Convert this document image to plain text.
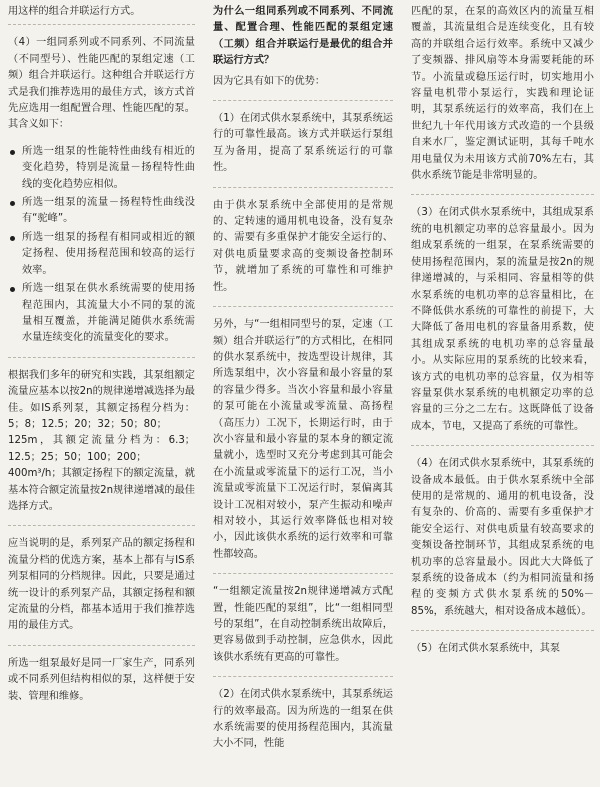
用这样的组合并联运行方式。

（4）一组同系列或不同系列、不同流量（不同型号）、性能匹配的泵组定速（工频）组合并联运行。这种组合并联运行方式是我们推荐选用的最佳方式，该方式首先应选用一组配置合理、性能匹配的泵。其含义如下：

所选一组泵的性能特性曲线有相近的变化趋势，特别是流量－扬程特性曲线的变化趋势应相似。
所选一组泵的流量－扬程特性曲线没有“驼峰”。
所选一组泵的扬程有相同或相近的额定扬程、使用扬程范围和较高的运行效率。
所选一组泵在供水系统需要的使用扬程范围内，其流量大小不同的泵的流量相互覆盖，并能满足随供水系统需水量连续变化的流量变化的要求。

根据我们多年的研究和实践，其泵组额定流量应基本以按2n的规律递增减选择为最佳。如IS系列泵，其额定扬程分档为：5；8；12.5；20；32；50；80；125m，其额定流量分档为：6.3；12.5；25；50；100；200；400m³/h；其额定扬程下的额定流量，就基本符合额定流量按2n规律递增减的最佳选择方式。

应当说明的是，系列泵产品的额定扬程和流量分档的优选方案，基本上都有与IS系列泵相同的分档规律。因此，只要是通过统一设计的系列泵产品，其额定扬程和额定流量的分档，都基本适用于我们推荐选用的最佳方式。

所选一组泵最好是同一厂家生产，同系列或不同系列但结构相似的泵，这样便于安装、管理和维修。

为什么一组同系列或不同系列、不同流量、配置合理、性能匹配的泵组定速（工频）组合并联运行是最优的组合并联运行方式？

因为它具有如下的优势：

（1）在闭式供水泵系统中，其泵系统运行的可靠性最高。该方式并联运行泵组互为备用，提高了泵系统运行的可靠性。

由于供水泵系统中全部使用的是常规的、定转速的通用机电设备，没有复杂的、需要有多重保护才能安全运行的、对供电质量要求高的变频设备控制环节，就增加了系统的可靠性和可维护性。

另外，与“一组相同型号的泵，定速（工频）组合并联运行”的方式相比，在相同的供水泵系统中，按选型设计规律，其所选泵组中，次小容量和最小容量的泵的容量少得多。当次小容量和最小容量的泵可能在小流量或零流量、高扬程（高压力）工况下，长期运行时，由于次小容量和最小容量的泵本身的额定流量就小，选型时又充分考虑到其可能会在小流量或零流量下的运行工况，当小流量或零流量下工况运行时，泵偏离其设计工况相对较小，泵产生振动和噪声相对较小，其运行效率降低也相对较小，因此该供水系统的运行效率和可靠性都较高。

“一组额定流量按2n规律递增减方式配置，性能匹配的泵组”，比“一组相同型号的泵组”，在自动控制系统出故障后，更容易做到手动控制，应急供水，因此该供水系统有更高的可靠性。

（2）在闭式供水泵系统中，其泵系统运行的效率最高。因为所选的一组泵在供水系统需要的使用扬程范围内，其流量大小不同，性能

匹配的泵，在泵的高效区内的流量互相覆盖，其流量组合是连续变化，且有较高的并联组合运行效率。系统中又减少了变频器、排风扇等本身需要耗能的环节。小流量或稳压运行时，切实地用小容量电机带小泵运行，实践和理论证明，其泵系统运行的效率高，我们在上世纪九十年代用该方式改造的一个县级自来水厂，鉴定测试证明，其每千吨水用电量仅为未用该方式前70%左右，其供水系统节能是非常明显的。

（3）在闭式供水泵系统中，其组成泵系统的电机额定功率的总容量最小。因为组成泵系统的一组泵，在泵系统需要的使用扬程范围内，泵的流量是按2n的规律递增减的，与采相同、容量相等的供水泵系统的电机功率的总容量相比，在不降低供水系统的可靠性的前提下，大大降低了备用电机的容量备用系数，使其组成泵系统的电机功率的总容量最小。从实际应用的泵系统的比较来看，该方式的电机功率的总容量，仅为相等容量泵供水泵系统的电机额定功率的总容量的三分之二左右。这既降低了设备成本，节电，又提高了系统的可靠性。

（4）在闭式供水泵系统中，其泵系统的设备成本最低。由于供水泵系统中全部使用的是常规的、通用的机电设备，没有复杂的、价高的、需要有多重保护才能安全运行、对供电质量有较高要求的变频设备控制环节，其组成泵系统的电机功率的总容量最小。因此大大降低了泵系统的设备成本（约为相同流量和扬程的变频方式供水泵系统的50%－85%，系统越大，相对设备成本越低）。

（5）在闭式供水泵系统中，其泵
